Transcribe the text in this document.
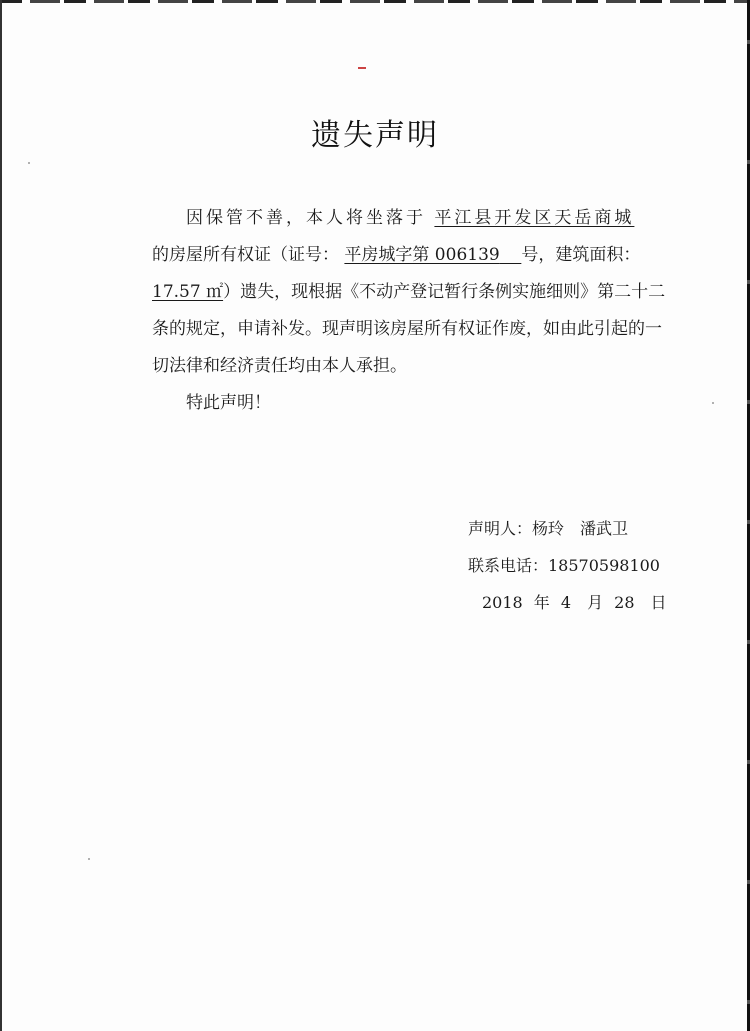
遗失声明
因保管不善，本人将坐落于 平江县开发区天岳商城
的房屋所有权证（证号： 平房城字第 006139 号，建筑面积：
17.57 ㎡）遗失，现根据《不动产登记暂行条例实施细则》第二十二
条的规定，申请补发。现声明该房屋所有权证作废，如由此引起的一
切法律和经济责任均由本人承担。
特此声明！
声明人：杨玲　潘武卫
联系电话：18570598100
2018 年 4　月 28　日
